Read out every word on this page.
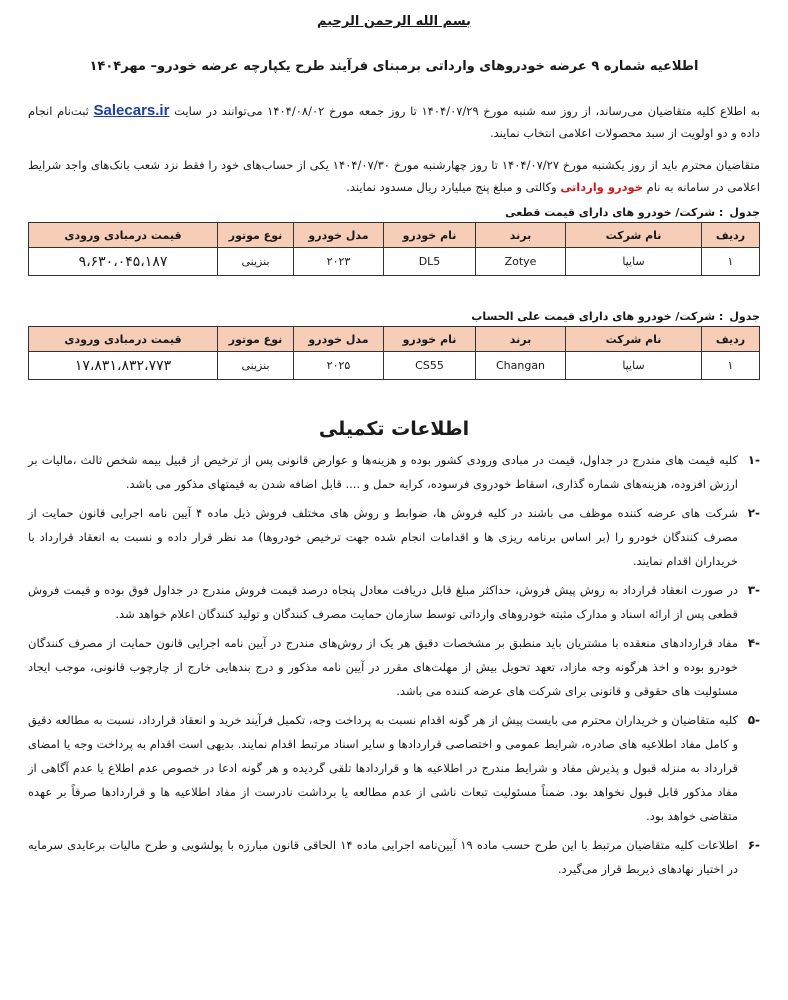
بسم الله الرحمن الرحیم
اطلاعیه شماره ۹ عرضه خودروهای وارداتی برمبنای فرآیند طرح یکپارچه عرضه خودرو– مهر۱۴۰۴
به اطلاع کلیه متقاضیان می‌رساند، از روز سه شنبه مورخ ۱۴۰۴/۰۷/۲۹ تا روز جمعه مورخ ۱۴۰۴/۰۸/۰۲ می‌توانند در سایت Salecars.ir ثبت‌نام انجام داده و دو اولویت از سبد محصولات اعلامی انتخاب نمایند.
متقاضیان محترم باید از روز یکشنبه مورخ ۱۴۰۴/۰۷/۲۷ تا روز چهارشنبه مورخ ۱۴۰۴/۰۷/۳۰ یکی از حساب‌های خود را فقط نزد شعب بانک‌های واجد شرایط اعلامی در سامانه به نام خودرو وارداتی وکالتی و مبلغ پنج میلیارد ریال مسدود نمایند.
جدول
: شرکت/ خودرو های دارای قیمت قطعی
ردیف	نام شرکت	برند	نام خودرو	مدل خودرو	نوع موتور	قیمت درمبادی ورودی
۱	سایپا	Zotye	DL5	۲۰۲۳	بنزینی	۹،۶۳۰،۰۴۵،۱۸۷
جدول
: شرکت/ خودرو های دارای قیمت علی الحساب
ردیف	نام شرکت	برند	نام خودرو	مدل خودرو	نوع موتور	قیمت درمبادی ورودی
۱	سایپا	Changan	CS55	۲۰۲۵	بنزینی	۱۷،۸۳۱،۸۳۲،۷۷۳
اطلاعات تکمیلی
-۱
کلیه قیمت های مندرج در جداول، قیمت در مبادی ورودی کشور بوده و هزینه‌ها و عوارض قانونی پس از ترخیص از قبیل بیمه شخص ثالث ،مالیات بر ارزش افزوده، هزینه‌های شماره گذاری، اسقاط خودروی فرسوده، کرایه حمل و .... قابل اضافه شدن به قیمتهای مذکور می باشد.
-۲
شرکت های عرضه کننده موظف می باشند در کلیه فروش ها، ضوابط و روش های مختلف فروش ذیل ماده ۴ آیین نامه اجرایی قانون حمایت از مصرف کنندگان خودرو را (بر اساس برنامه ریزی ها و اقدامات انجام شده جهت ترخیص خودروها) مد نظر قرار داده و نسبت به انعقاد قرارداد با خریداران اقدام نمایند.
-۳
در صورت انعقاد قرارداد به روش پیش فروش، حداکثر مبلغ قابل دریافت معادل پنجاه درصد قیمت فروش مندرج در جداول فوق بوده و قیمت فروش قطعی پس از ارائه اسناد و مدارک مثبته خودروهای وارداتی توسط سازمان حمایت مصرف کنندگان و تولید کنندگان اعلام خواهد شد.
-۴
مفاد قراردادهای منعقده با مشتریان باید منطبق بر مشخصات دقیق هر یک از روش‌های مندرج در آیین نامه اجرایی قانون حمایت از مصرف کنندگان خودرو بوده و اخذ هرگونه وجه مازاد، تعهد تحویل بیش از مهلت‌های مقرر در آیین نامه مذکور و درج بندهایی خارج از چارچوب قانونی، موجب ایجاد مسئولیت های حقوقی و قانونی برای شرکت های عرضه کننده می باشد.
-۵
کلیه متقاضیان و خریداران محترم می بایست پیش از هر گونه اقدام نسبت به پرداخت وجه، تکمیل فرآیند خرید و انعقاد قرارداد، نسبت به مطالعه دقیق و کامل مفاد اطلاعیه های صادره، شرایط عمومی و اختصاصی قراردادها و سایر اسناد مرتبط اقدام نمایند. بدیهی است اقدام به پرداخت وجه یا امضای قرارداد به منزله قبول و پذیرش مفاد و شرایط مندرج در اطلاعیه ها و قراردادها تلقی گردیده و هر گونه ادعا در خصوص عدم اطلاع یا عدم آگاهی از مفاد مذکور قابل قبول نخواهد بود. ضمناً مسئولیت تبعات ناشی از عدم مطالعه یا برداشت نادرست از مفاد اطلاعیه ها و قراردادها صرفاً بر عهده متقاضی خواهد بود.
-۶
اطلاعات کلیه متقاضیان مرتبط با این طرح حسب ماده ۱۹ آیین‌نامه اجرایی ماده ۱۴ الحاقی قانون مبارزه با پولشویی و طرح مالیات برعایدی سرمایه در اختیار نهادهای ذیربط قرار می‌گیرد.
